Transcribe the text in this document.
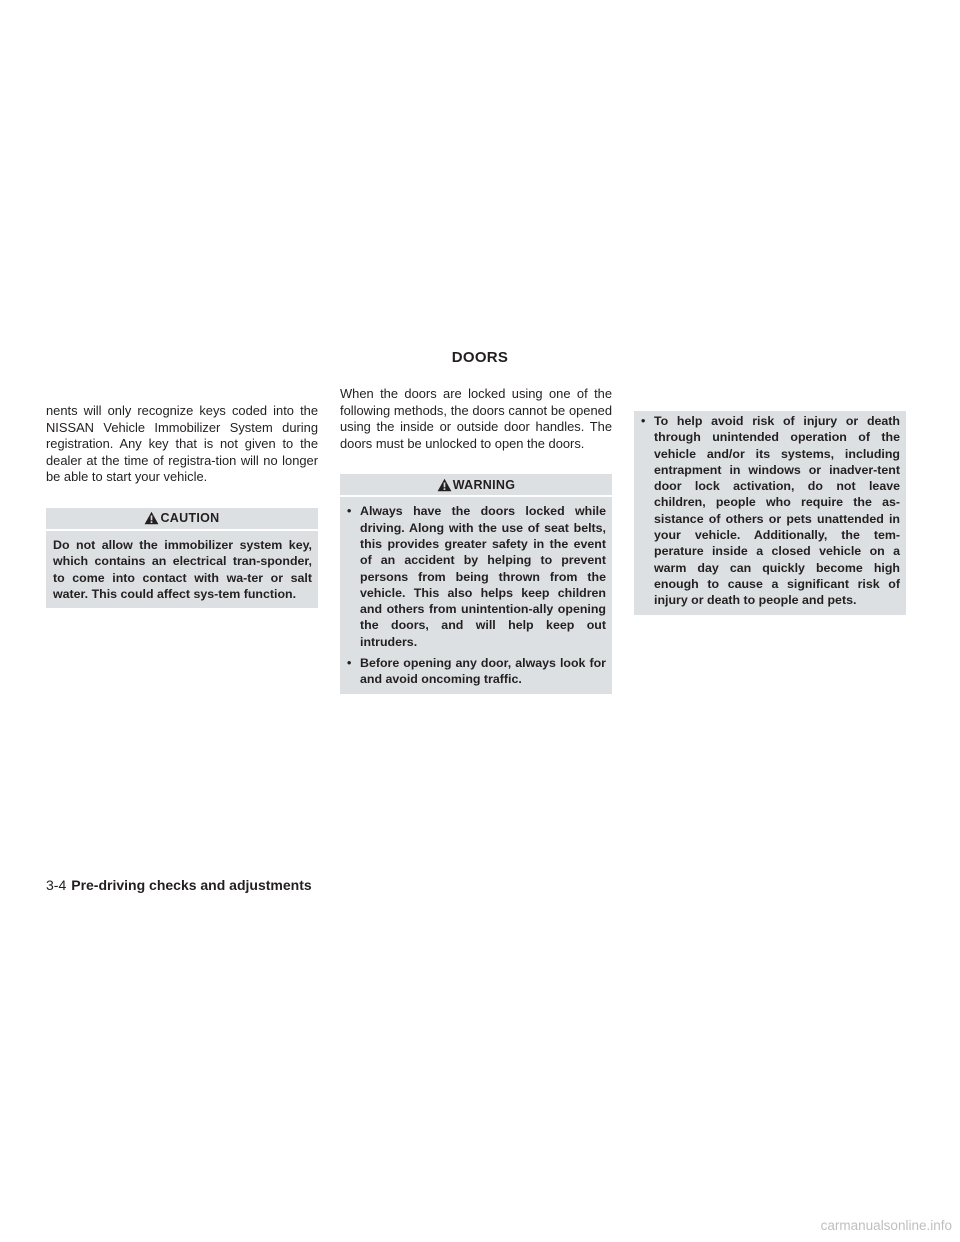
DOORS

nents will only recognize keys coded into the NISSAN Vehicle Immobilizer System during registration. Any key that is not given to the dealer at the time of registra-tion will no longer be able to start your vehicle.

CAUTION

Do not allow the immobilizer system key, which contains an electrical tran-sponder, to come into contact with wa-ter or salt water. This could affect sys-tem function.

When the doors are locked using one of the following methods, the doors cannot be opened using the inside or outside door handles. The doors must be unlocked to open the doors.

WARNING
• Always have the doors locked while driving. Along with the use of seat belts, this provides greater safety in the event of an accident by helping to prevent persons from being thrown from the vehicle. This also helps keep children and others from unintention-ally opening the doors, and will help keep out intruders.
• Before opening any door, always look for and avoid oncoming traffic.
• To help avoid risk of injury or death through unintended operation of the vehicle and/or its systems, including entrapment in windows or inadver-tent door lock activation, do not leave children, people who require the as-sistance of others or pets unattended in your vehicle. Additionally, the tem-perature inside a closed vehicle on a warm day can quickly become high enough to cause a significant risk of injury or death to people and pets.
3-4 Pre-driving checks and adjustments
carmanualsonline.info
